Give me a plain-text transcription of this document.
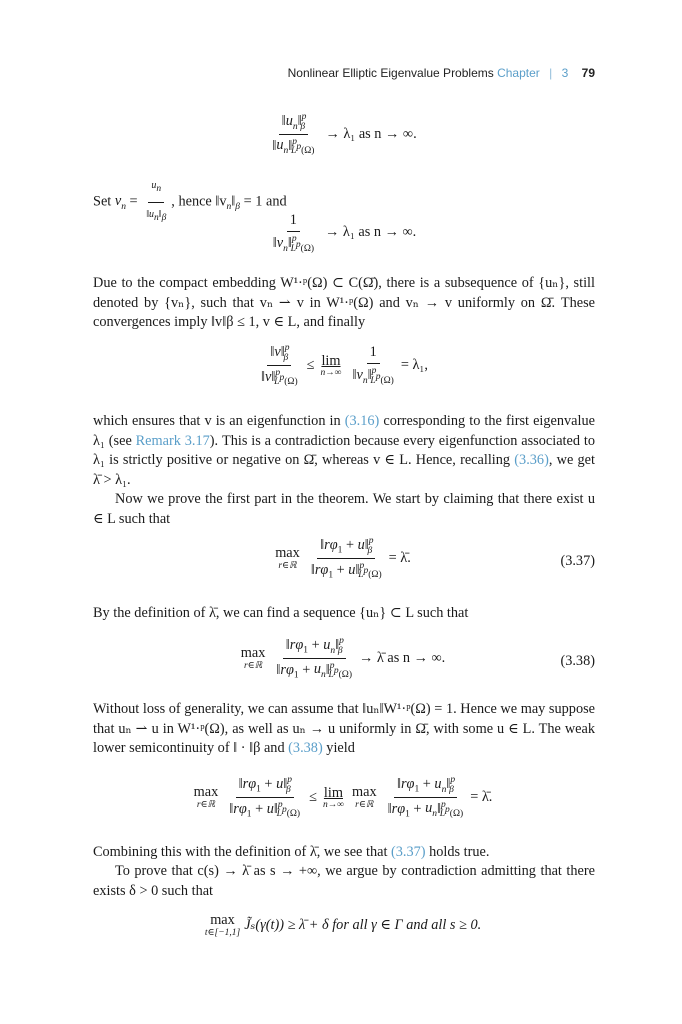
Nonlinear Elliptic Eigenvalue Problems Chapter | 3 79
$\frac{‖u_n‖^p_\beta}{‖u_n‖^p_{L^p(\Omega)}} \to \lambda_1$ as n → ∞.
Set $v_n = \frac{u_n}{‖u_n‖_\beta}$ , hence $‖v_n‖_\beta = 1$ and
$\frac{1}{‖v_n‖^p_{L^p(\Omega)}} \to \lambda_1$ as n → ∞.
Due to the compact embedding W¹·ᵖ(Ω) ⊂ C(Ω̄), there is a subsequence of {uₙ}, still denoted by {vₙ}, such that vₙ ⇀ v in W¹·ᵖ(Ω) and vₙ → v uniformly on Ω̄. These convergences imply ‖v‖β ≤ 1, v ∈ L, and finally
$\frac{‖v‖^p_\beta}{‖v‖^p_{L^p(\Omega)}} \le \lim$
$n\to\infty \frac{1}{‖v_n‖^p_{L^p(\Omega)}} = \lambda_1$,
which ensures that v is an eigenfunction in (3.16) corresponding to the first eigenvalue λ₁ (see Remark 3.17). This is a contradiction because every eigenfunction associated to λ₁ is strictly positive or negative on Ω̄, whereas v ∈ L. Hence, recalling (3.36), we get λ̄ > λ₁.
Now we prove the first part in the theorem. We start by claiming that there exist u ∈ L such that
max
r∈ℝ $\frac{‖r\varphi_1 + u‖^p_\beta}{‖r\varphi_1 + u‖^p_{L^p(\Omega)}}$ = λ̄.	(3.37)
By the definition of λ̄, we can find a sequence {uₙ} ⊂ L such that
max
r∈ℝ $\frac{‖r\varphi_1 + u_n‖^p_\beta}{‖r\varphi_1 + u_n‖^p_{L^p(\Omega)}}$ → λ̄ as n → ∞.	(3.38)
Without loss of generality, we can assume that ‖uₙ‖W¹·ᵖ(Ω) = 1. Hence we may suppose that uₙ ⇀ u in W¹·ᵖ(Ω), as well as uₙ → u uniformly in Ω̄, with some u ∈ L. The weak lower semicontinuity of ‖ · ‖β and (3.38) yield
max
r∈ℝ $\frac{‖r\varphi_1 + u‖^p_\beta}{‖r\varphi_1 + u‖^p_{L^p(\Omega)}} \le \lim$
n→∞
max
r∈ℝ $\frac{‖r\varphi_1 + u_n‖^p_\beta}{‖r\varphi_1 + u_n‖^p_{L^p(\Omega)}}$ = λ̄.
Combining this with the definition of λ̄, we see that (3.37) holds true.
To prove that c(s) → λ̄ as s → +∞, we argue by contradiction admitting that there exists δ > 0 such that
max
t∈[−1,1]
J̃ₛ(γ(t)) ≥ λ̄ + δ for all γ ∈ Γ and all s ≥ 0.
